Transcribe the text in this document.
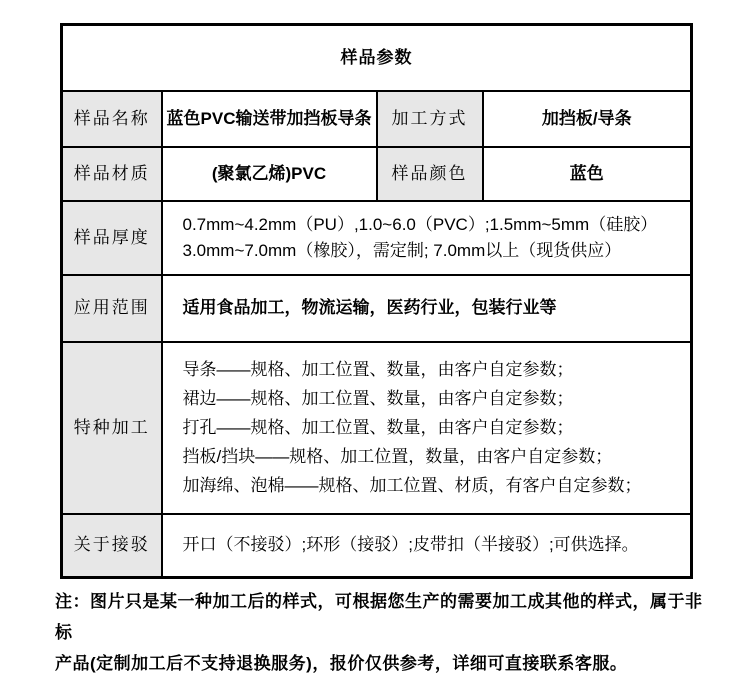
样品参数			
样品名称	蓝色PVC输送带加挡板导条	加工方式	加挡板/导条
样品材质	(聚氯乙烯)PVC	样品颜色	蓝色
样品厚度	0.7mm~4.2mm（PU）,1.0~6.0（PVC）;1.5mm~5mm（硅胶）
3.0mm~7.0mm（橡胶），需定制; 7.0mm以上（现货供应）		

应用范围	适用食品加工，物流运输，医药行业，包装行业等		
特种加工	导条——规格、加工位置、数量，由客户自定参数；
裙边——规格、加工位置、数量，由客户自定参数；
打孔——规格、加工位置、数量，由客户自定参数；
挡板/挡块——规格、加工位置，数量，由客户自定参数；
加海绵、泡棉——规格、加工位置、材质，有客户自定参数；		

关于接驳	开口（不接驳）;环形（接驳）;皮带扣（半接驳）;可供选择。		
注：图片只是某一种加工后的样式，可根据您生产的需要加工成其他的样式，属于非标
产品(定制加工后不支持退换服务)，报价仅供参考，详细可直接联系客服。
